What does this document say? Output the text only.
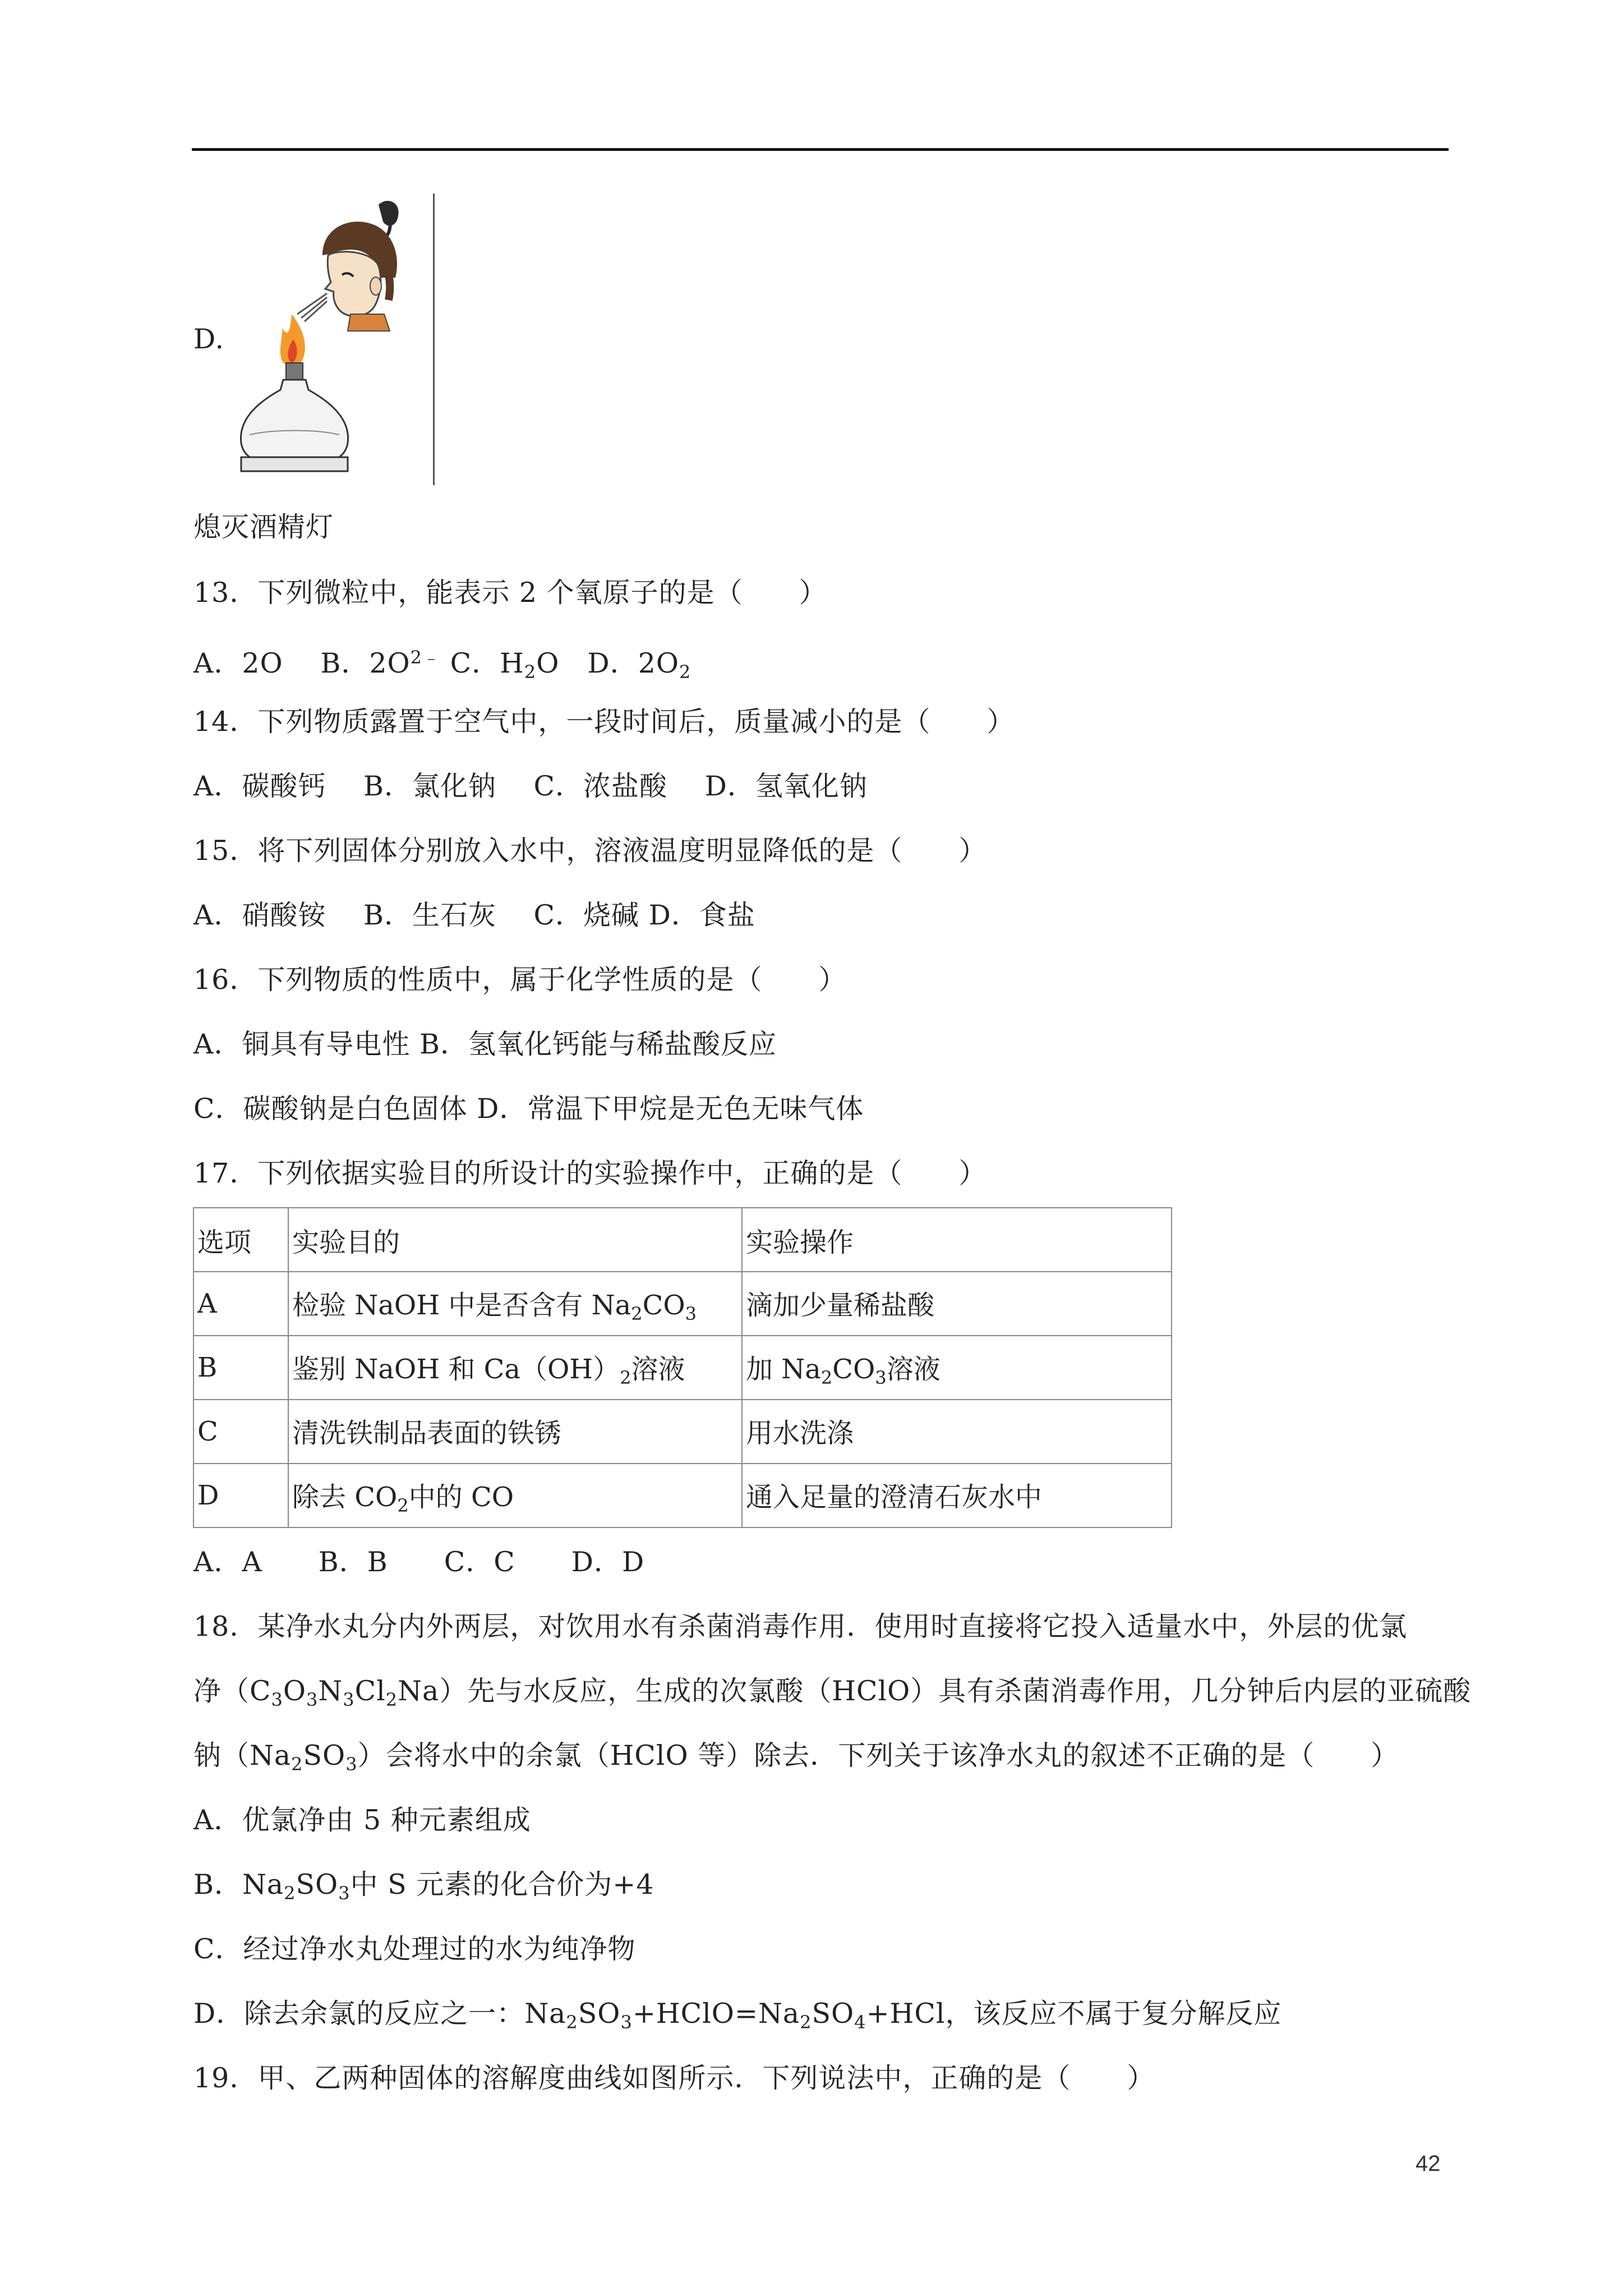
D.
熄灭酒精灯
13．下列微粒中，能表示 2 个氧原子的是（　　）
A．2O　 B．$2O^{2﹣}$ C．$H_2O$　 D．$2O_2$
14．下列物质露置于空气中，一段时间后，质量减小的是（　　）
A．碳酸钙　 B．氯化钠　 C．浓盐酸　 D．氢氧化钠
15．将下列固体分别放入水中，溶液温度明显降低的是（　　）
A．硝酸铵　 B．生石灰　 C．烧碱 D．食盐
16．下列物质的性质中，属于化学性质的是（　　）
A．铜具有导电性 B．氢氧化钙能与稀盐酸反应
C．碳酸钠是白色固体 D．常温下甲烷是无色无味气体
17．下列依据实验目的所设计的实验操作中，正确的是（　　）
选项	实验目的	实验操作
A	检验 NaOH 中是否含有 $Na_2CO_3$	滴加少量稀盐酸
B	鉴别 NaOH 和 $Ca(OH)_2$溶液	加 $Na_2CO_3$溶液
C	清洗铁制品表面的铁锈	用水洗涤
D	除去 $CO_2$中的 CO	通入足量的澄清石灰水中
A．A　　B．B　　C．C　　D．D
18．某净水丸分内外两层，对饮用水有杀菌消毒作用．使用时直接将它投入适量水中，外层的优氯
净$(C_3O_3N_3Cl_2Na)$先与水反应，生成的次氯酸（HClO）具有杀菌消毒作用，几分钟后内层的亚硫酸
钠$(Na_2SO_3)$会将水中的余氯（HClO 等）除去．下列关于该净水丸的叙述不正确的是（　　）
A．优氯净由 5 种元素组成
B．$Na_2SO_3$中 S 元素的化合价为+4
C．经过净水丸处理过的水为纯净物
D．除去余氯的反应之一：$Na_2SO_3+HClO=Na_2SO_4+HCl$，该反应不属于复分解反应
19．甲、乙两种固体的溶解度曲线如图所示．下列说法中，正确的是（　　）
42
